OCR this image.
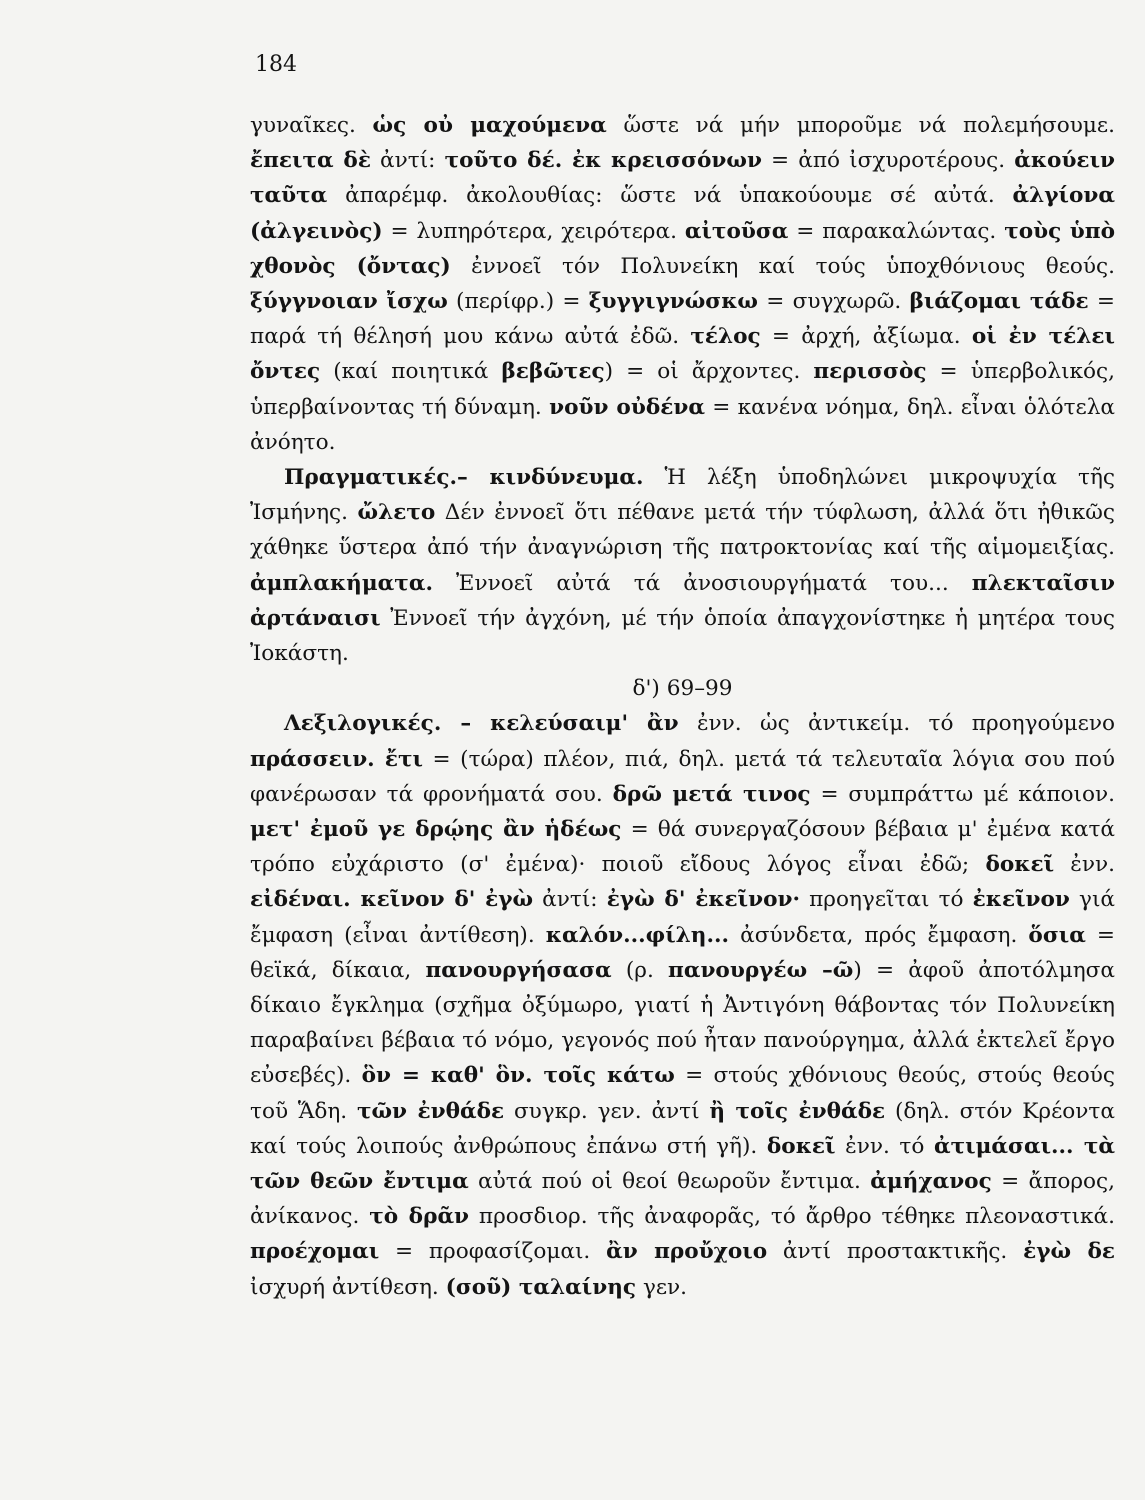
184

γυναῖκες. ὡς οὐ μαχούμενα ὥστε νά μήν μποροῦμε νά πολεμήσουμε. ἔπειτα δὲ ἀντί: τοῦτο δέ. ἐκ κρεισσόνων = ἀπό ἰσχυροτέρους. ἀκούειν ταῦτα ἀπαρέμφ. ἀκολουθίας: ὥστε νά ὑπακούουμε σέ αὐτά. ἀλγίονα (ἀλγεινὸς) = λυπηρότερα, χειρότερα. αἰτοῦσα = παρακαλώντας. τοὺς ὑπὸ χθονὸς (ὄντας) ἐννοεῖ τόν Πολυνείκη καί τούς ὑποχθόνιους θεούς. ξύγγνοιαν ἴσχω (περίφρ.) = ξυγγιγνώσκω = συγχωρῶ. βιάζομαι τάδε = παρά τή θέλησή μου κάνω αὐτά ἐδῶ. τέλος = ἀρχή, ἀξίωμα. οἱ ἐν τέλει ὄντες (καί ποιητικά βεβῶτες) = οἱ ἄρχοντες. περισσὸς = ὑπερβολικός, ὑπερβαίνοντας τή δύναμη. νοῦν οὐδένα = κανένα νόημα, δηλ. εἶναι ὁλότελα ἀνόητο.

Πραγματικές.– κινδύνευμα. Ἡ λέξη ὑποδηλώνει μικροψυχία τῆς Ἰσμήνης. ὤλετο Δέν ἐννοεῖ ὅτι πέθανε μετά τήν τύφλωση, ἀλλά ὅτι ἠθικῶς χάθηκε ὕστερα ἀπό τήν ἀναγνώριση τῆς πατροκτονίας καί τῆς αἱμομειξίας. ἀμπλακήματα. Ἐννοεῖ αὐτά τά ἀνοσιουργήματά του... πλεκταῖσιν ἀρτάναισι Ἐννοεῖ τήν ἀγχόνη, μέ τήν ὁποία ἀπαγχονίστηκε ἡ μητέρα τους Ἰοκάστη.

δ') 69–99

Λεξιλογικές. – κελεύσαιμ' ἂν ἐνν. ὡς ἀντικείμ. τό προηγούμενο πράσσειν. ἔτι = (τώρα) πλέον, πιά, δηλ. μετά τά τελευταῖα λόγια σου πού φανέρωσαν τά φρονήματά σου. δρῶ μετά τινος = συμπράττω μέ κάποιον. μετ' ἐμοῦ γε δρῴης ἂν ἡδέως = θά συνεργαζόσουν βέβαια μ' ἐμένα κατά τρόπο εὐχάριστο (σ' ἐμένα)· ποιοῦ εἴδους λόγος εἶναι ἐδῶ; δοκεῖ ἐνν. εἰδέναι. κεῖνον δ' ἐγὼ ἀντί: ἐγὼ δ' ἐκεῖνον· προηγεῖται τό ἐκεῖνον γιά ἔμφαση (εἶναι ἀντίθεση). καλόν...φίλη... ἀσύνδετα, πρός ἔμφαση. ὅσια = θεϊκά, δίκαια, πανουργήσασα (ρ. πανουργέω –ῶ) = ἀφοῦ ἀποτόλμησα δίκαιο ἔγκλημα (σχῆμα ὀξύμωρο, γιατί ἡ Ἀντιγόνη θάβοντας τόν Πολυνείκη παραβαίνει βέβαια τό νόμο, γεγονός πού ἦταν πανούργημα, ἀλλά ἐκτελεῖ ἔργο εὐσεβές). ὃν = καθ' ὃν. τοῖς κάτω = στούς χθόνιους θεούς, στούς θεούς τοῦ Ἅδη. τῶν ἐνθάδε συγκρ. γεν. ἀντί ἢ τοῖς ἐνθάδε (δηλ. στόν Κρέοντα καί τούς λοιπούς ἀνθρώπους ἐπάνω στή γῆ). δοκεῖ ἐνν. τό ἀτιμάσαι... τὰ τῶν θεῶν ἔντιμα αὐτά πού οἱ θεοί θεωροῦν ἔντιμα. ἀμήχανος = ἄπορος, ἀνίκανος. τὸ δρᾶν προσδιορ. τῆς ἀναφορᾶς, τό ἄρθρο τέθηκε πλεοναστικά. προέχομαι = προφασίζομαι. ἂν προὔχοιο ἀντί προστακτικῆς. ἐγὼ δε ἰσχυρή ἀντίθεση. (σοῦ) ταλαίνης γεν.
